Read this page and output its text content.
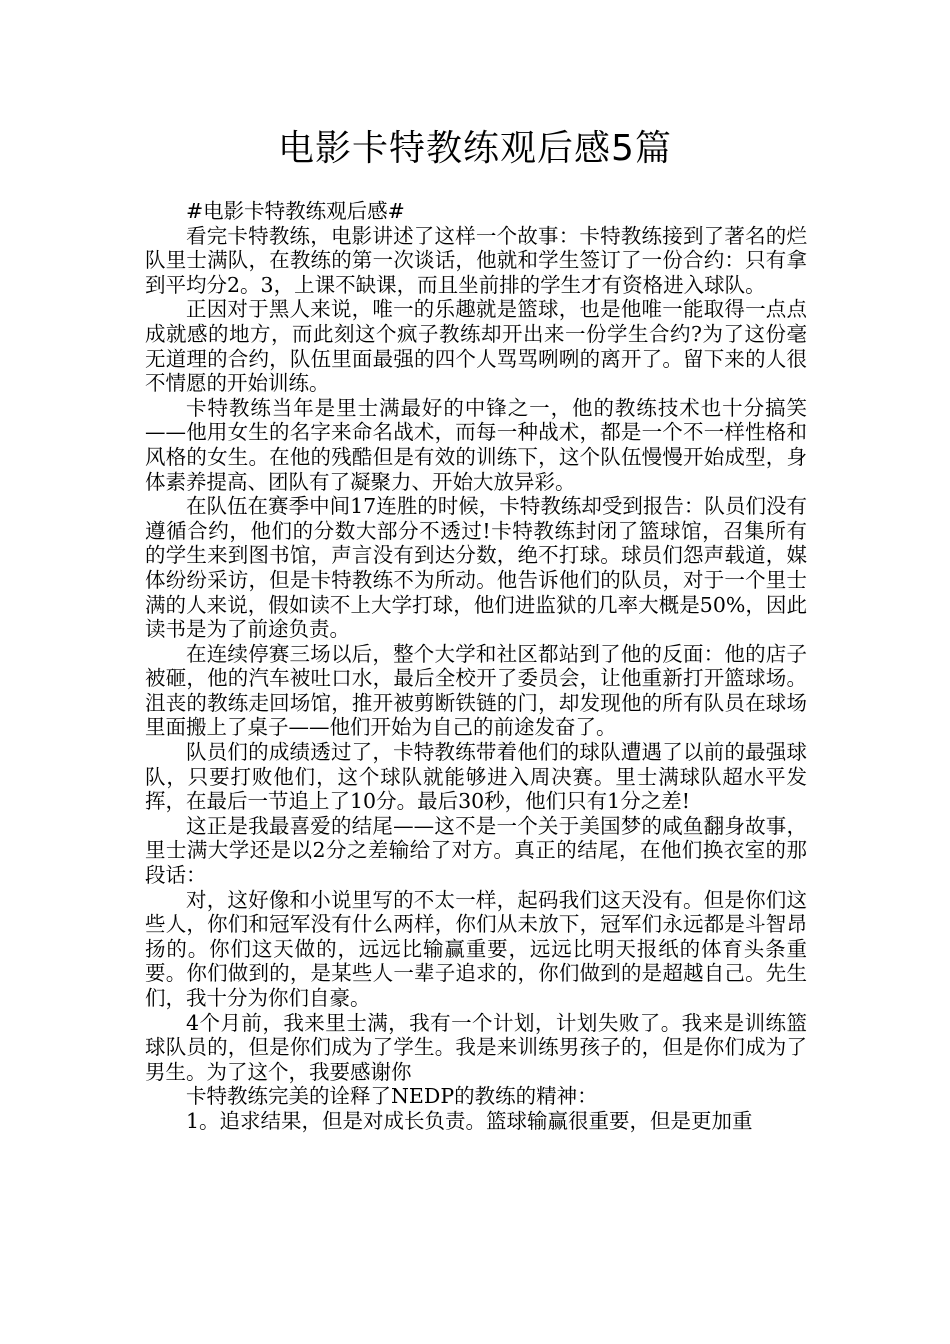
电影卡特教练观后感5篇

#电影卡特教练观后感#

看完卡特教练，电影讲述了这样一个故事：卡特教练接到了著名的烂队里士满队，在教练的第一次谈话，他就和学生签订了一份合约：只有拿到平均分2。3，上课不缺课，而且坐前排的学生才有资格进入球队。

正因对于黑人来说，唯一的乐趣就是篮球，也是他唯一能取得一点点成就感的地方，而此刻这个疯子教练却开出来一份学生合约?为了这份毫无道理的合约，队伍里面最强的四个人骂骂咧咧的离开了。留下来的人很不情愿的开始训练。

卡特教练当年是里士满最好的中锋之一，他的教练技术也十分搞笑——他用女生的名字来命名战术，而每一种战术，都是一个不一样性格和风格的女生。在他的残酷但是有效的训练下，这个队伍慢慢开始成型，身体素养提高、团队有了凝聚力、开始大放异彩。

在队伍在赛季中间17连胜的时候，卡特教练却受到报告：队员们没有遵循合约，他们的分数大部分不透过!卡特教练封闭了篮球馆，召集所有的学生来到图书馆，声言没有到达分数，绝不打球。球员们怨声载道，媒体纷纷采访，但是卡特教练不为所动。他告诉他们的队员，对于一个里士满的人来说，假如读不上大学打球，他们进监狱的几率大概是50%，因此读书是为了前途负责。

在连续停赛三场以后，整个大学和社区都站到了他的反面：他的店子被砸，他的汽车被吐口水，最后全校开了委员会，让他重新打开篮球场。沮丧的教练走回场馆，推开被剪断铁链的门，却发现他的所有队员在球场里面搬上了桌子——他们开始为自己的前途发奋了。

队员们的成绩透过了，卡特教练带着他们的球队遭遇了以前的最强球队，只要打败他们，这个球队就能够进入周决赛。里士满球队超水平发挥，在最后一节追上了10分。最后30秒，他们只有1分之差!

这正是我最喜爱的结尾——这不是一个关于美国梦的咸鱼翻身故事，里士满大学还是以2分之差输给了对方。真正的结尾，在他们换衣室的那段话：

对，这好像和小说里写的不太一样，起码我们这天没有。但是你们这些人，你们和冠军没有什么两样，你们从未放下，冠军们永远都是斗智昂扬的。你们这天做的，远远比输赢重要，远远比明天报纸的体育头条重要。你们做到的，是某些人一辈子追求的，你们做到的是超越自己。先生们，我十分为你们自豪。

4个月前，我来里士满，我有一个计划，计划失败了。我来是训练篮球队员的，但是你们成为了学生。我是来训练男孩子的，但是你们成为了男生。为了这个，我要感谢你

卡特教练完美的诠释了NEDP的教练的精神：

1。追求结果，但是对成长负责。篮球输赢很重要，但是更加重
